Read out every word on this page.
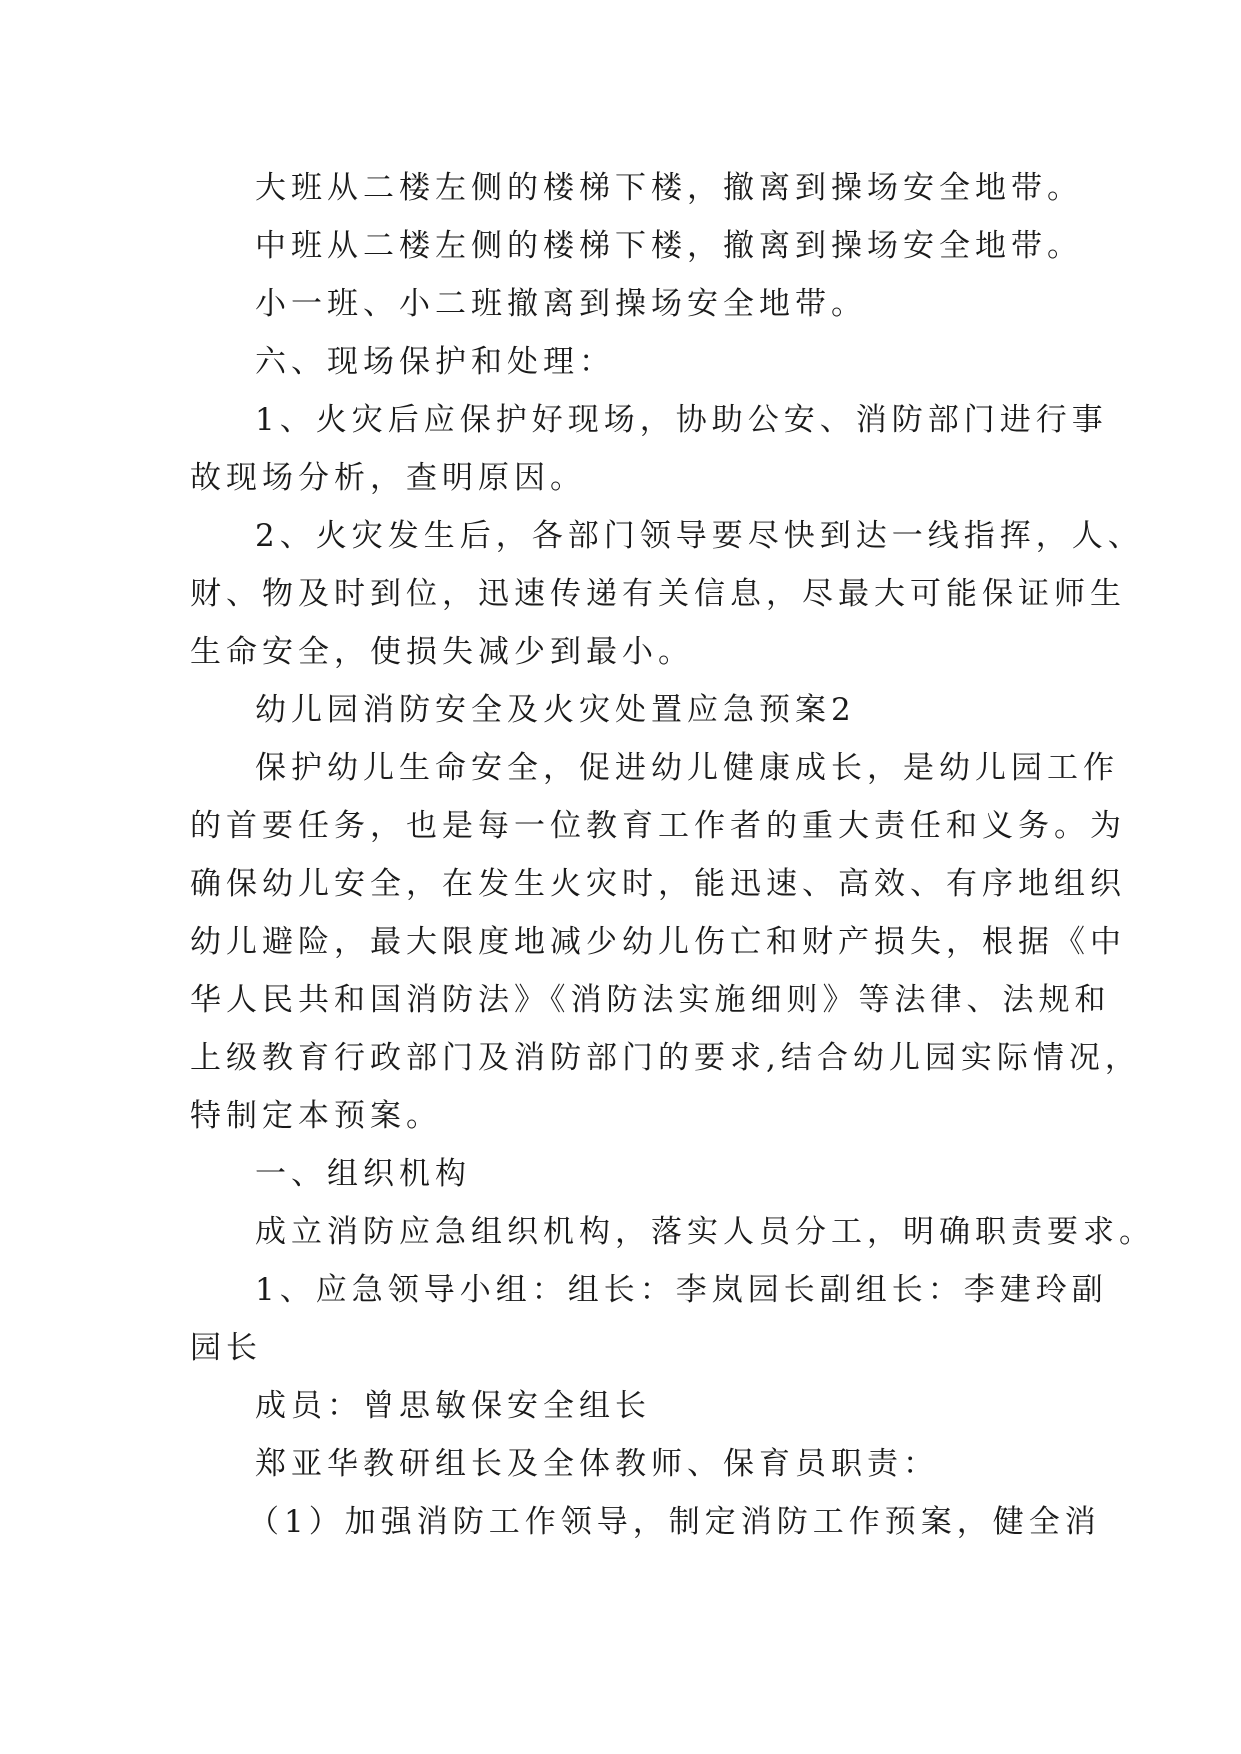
大班从二楼左侧的楼梯下楼，撤离到操场安全地带。
中班从二楼左侧的楼梯下楼，撤离到操场安全地带。
小一班、小二班撤离到操场安全地带。
六、现场保护和处理：
1、火灾后应保护好现场，协助公安、消防部门进行事
故现场分析，查明原因。
2、火灾发生后，各部门领导要尽快到达一线指挥，人、
财、物及时到位，迅速传递有关信息，尽最大可能保证师生
生命安全，使损失减少到最小。
幼儿园消防安全及火灾处置应急预案2
保护幼儿生命安全，促进幼儿健康成长，是幼儿园工作
的首要任务，也是每一位教育工作者的重大责任和义务。为
确保幼儿安全，在发生火灾时，能迅速、高效、有序地组织
幼儿避险，最大限度地减少幼儿伤亡和财产损失，根据《中
华人民共和国消防法》《消防法实施细则》等法律、法规和
上级教育行政部门及消防部门的要求,结合幼儿园实际情况，
特制定本预案。
一、组织机构
成立消防应急组织机构，落实人员分工，明确职责要求。
1、应急领导小组：组长：李岚园长副组长：李建玲副
园长
成员：曾思敏保安全组长
郑亚华教研组长及全体教师、保育员职责：
（1）加强消防工作领导，制定消防工作预案，健全消
